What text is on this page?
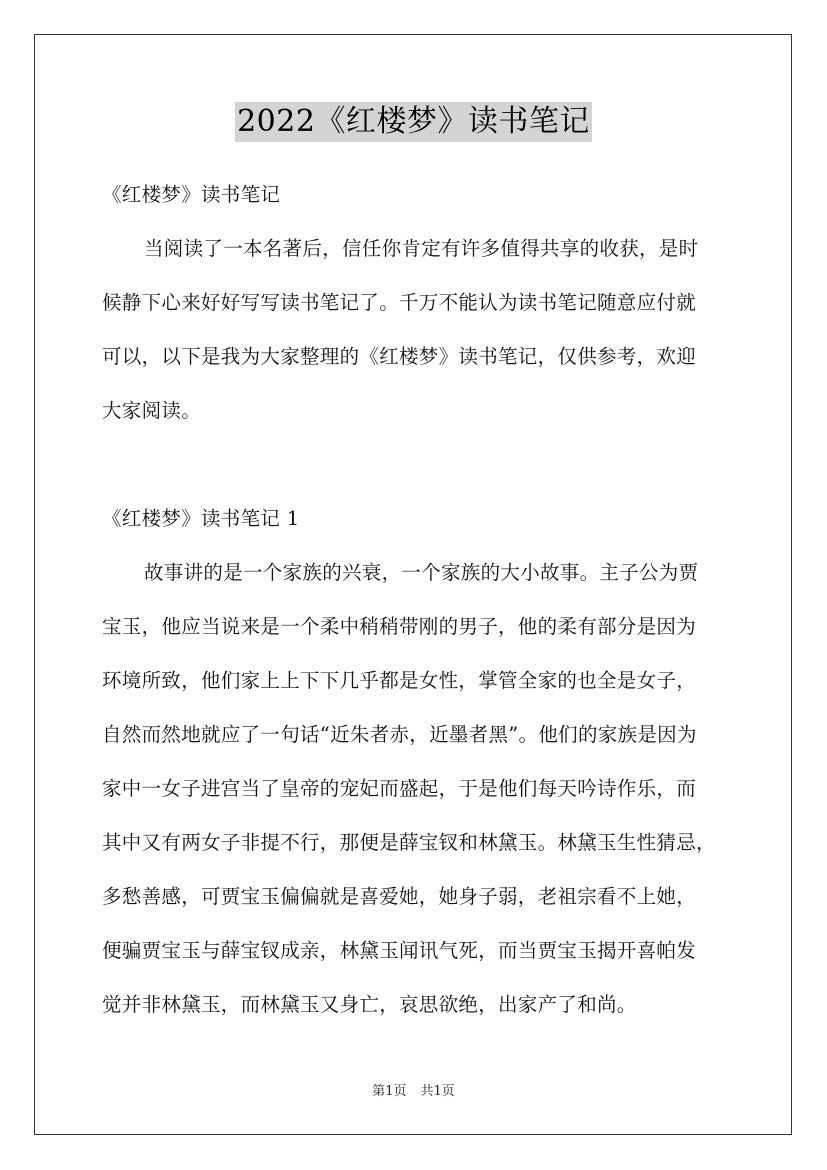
2022《红楼梦》读书笔记
《红楼梦》读书笔记
当阅读了一本名著后，信任你肯定有许多值得共享的收获，是时
候静下心来好好写写读书笔记了。千万不能认为读书笔记随意应付就
可以，以下是我为大家整理的《红楼梦》读书笔记，仅供参考，欢迎
大家阅读。
《红楼梦》读书笔记 1
故事讲的是一个家族的兴衰，一个家族的大小故事。主子公为贾
宝玉，他应当说来是一个柔中稍稍带刚的男子，他的柔有部分是因为
环境所致，他们家上上下下几乎都是女性，掌管全家的也全是女子，
自然而然地就应了一句话“近朱者赤，近墨者黑”。他们的家族是因为
家中一女子进宫当了皇帝的宠妃而盛起，于是他们每天吟诗作乐，而
其中又有两女子非提不行，那便是薛宝钗和林黛玉。林黛玉生性猜忌，
多愁善感，可贾宝玉偏偏就是喜爱她，她身子弱，老祖宗看不上她，
便骗贾宝玉与薛宝钗成亲，林黛玉闻讯气死，而当贾宝玉揭开喜帕发
觉并非林黛玉，而林黛玉又身亡，哀思欲绝，出家产了和尚。
第1页 共1页
